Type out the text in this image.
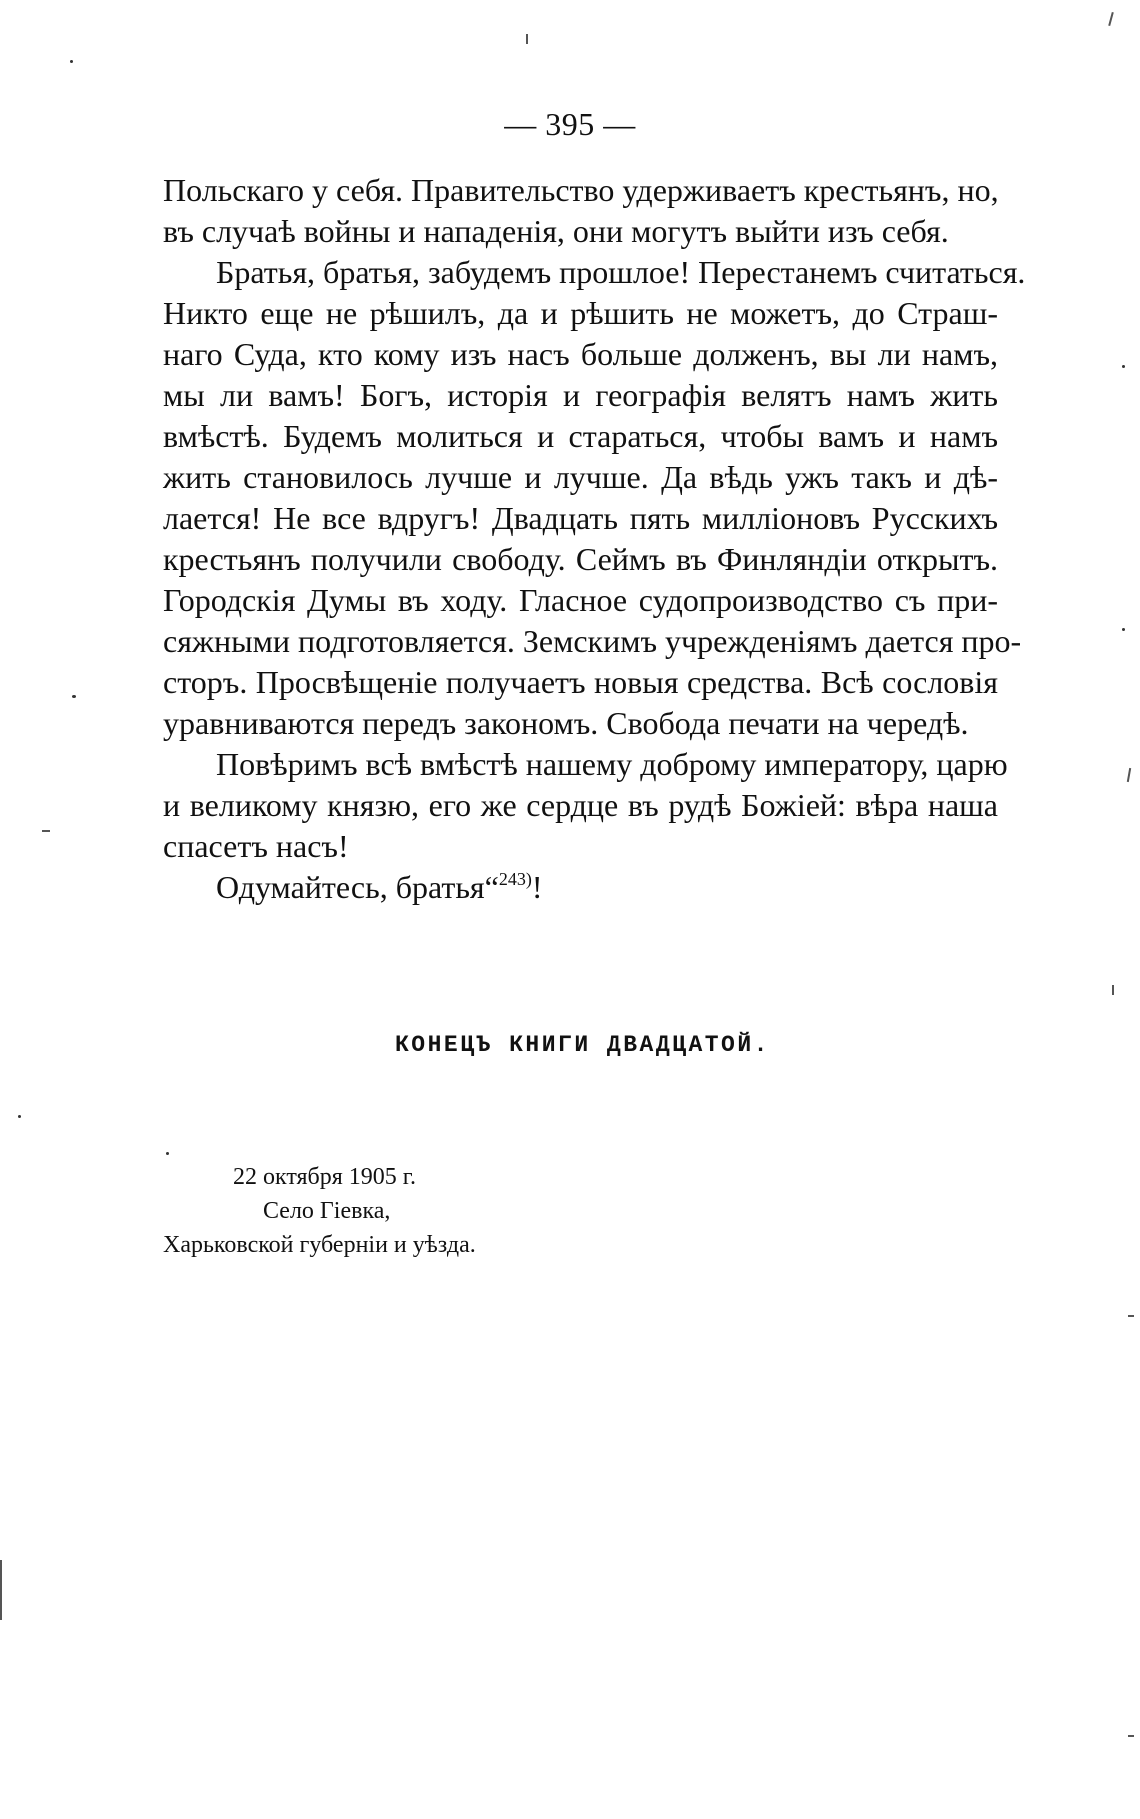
— 395 —

Польскаго у себя. Правительство удерживаетъ крестьянъ, но,
въ случаѣ войны и нападенія, они могутъ выйти изъ себя.

Братья, братья, забудемъ прошлое! Перестанемъ считаться.
Никто еще не рѣшилъ, да и рѣшить не можетъ, до Страш-
наго Суда, кто кому изъ насъ больше долженъ, вы ли намъ,
мы ли вамъ! Богъ, исторія и географія велятъ намъ жить
вмѣстѣ. Будемъ молиться и стараться, чтобы вамъ и намъ
жить становилось лучше и лучше. Да вѣдь ужъ такъ и дѣ-
лается! Не все вдругъ! Двадцать пять милліоновъ Русскихъ
крестьянъ получили свободу. Сеймъ въ Финляндіи открытъ.
Городскія Думы въ ходу. Гласное судопроизводство съ при-
сяжными подготовляется. Земскимъ учрежденіямъ дается про-
сторъ. Просвѣщеніе получаетъ новыя средства. Всѣ сословія
уравниваются передъ закономъ. Свобода печати на чередѣ.

Повѣримъ всѣ вмѣстѣ нашему доброму императору, царю
и великому князю, его же сердце въ рудѣ Божіей: вѣра наша
спасетъ насъ!

Одумайтесь, братья“$^{243)}$!

КОНЕЦЪ КНИГИ ДВАДЦАТОЙ.
22 октября 1905 г.
Село Гіевка,
Харьковской губерніи и уѣзда.
